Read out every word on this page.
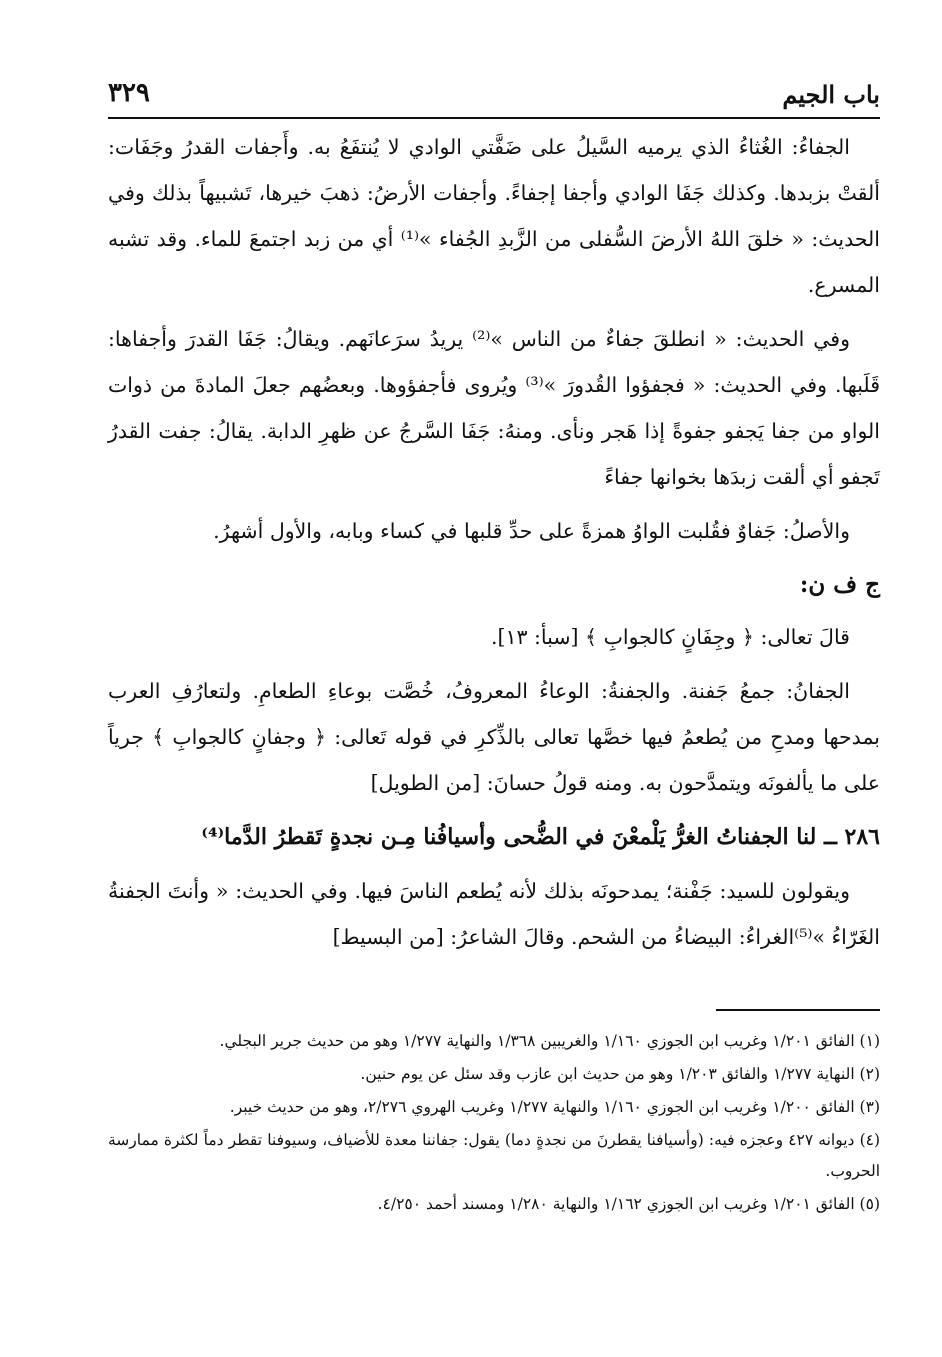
باب الجيم
٣٢٩

الجفاءُ: الغُثاءُ الذي يرميه السَّيلُ على ضَفَّتي الوادي لا يُنتفَعُ به. وأَجفات القدرُ وجَفَات: ألقتْ بزبدها. وكذلك جَفَا الوادي وأجفا إجفاءً. وأجفات الأرضُ: ذهبَ خيرها، تَشبيهاً بذلك وفي الحديث: « خلقَ اللهُ الأرضَ السُّفلى من الزَّبدِ الجُفاء »⁽¹⁾ أي من زبد اجتمعَ للماء. وقد تشبه المسرع.

وفي الحديث: « انطلقَ جفاءٌ من الناس »⁽²⁾ يريدُ سرَعانَهم. ويقالُ: جَفَا القدرَ وأجفاها: قَلَبها. وفي الحديث: « فجفؤوا القُدورَ »⁽³⁾ ويُروى فأجفؤوها. وبعضُهم جعلَ المادةَ من ذوات الواو من جفا يَجفو جفوةً إذا هَجر ونأى. ومنهُ: جَفَا السَّرجُ عن ظهرِ الدابة. يقالُ: جفت القدرُ تَجفو أي ألقت زبدَها بخوانها جفاءً

والأصلُ: جَفاوٌ فقُلبت الواوُ همزةً على حدِّ قلبها في كساء وبابه، والأول أشهرُ.

ج ف ن:

قالَ تعالى: ﴿ وجِفَانٍ كالجوابِ ﴾ [سبأ: ١٣].

الجفانُ: جمعُ جَفنة. والجفنةُ: الوعاءُ المعروفُ، خُصَّت بوعاءِ الطعامِ. ولتعارُفِ العرب بمدحها ومدحِ من يُطعمُ فيها خصَّها تعالى بالذِّكرِ في قوله تَعالى: ﴿ وجفانٍ كالجوابِ ﴾ جرياً على ما يألفونَه ويتمدَّحون به. ومنه قولُ حسانَ: [من الطويل]

٢٨٦ ــ لنا الجفناتُ الغرُّ يَلْمعْنَ في الضُّحى وأسيافُنا مِـن نجدةٍ تَقطرُ الدَّما⁽⁴⁾

ويقولون للسيد: جَفْنة؛ يمدحونَه بذلك لأنه يُطعم الناسَ فيها. وفي الحديث: « وأنتَ الجفنةُ الغَرّاءُ »⁽⁵⁾الغراءُ: البيضاءُ من الشحم. وقالَ الشاعرُ: [من البسيط]

(١) الفائق ١/٢٠١ وغريب ابن الجوزي ١/١٦٠ والغريبين ١/٣٦٨ والنهاية ١/٢٧٧ وهو من حديث جرير البجلي.

(٢) النهاية ١/٢٧٧ والفائق ١/٢٠٣ وهو من حديث ابن عازب وقد سئل عن يوم حنين.

(٣) الفائق ١/٢٠٠ وغريب ابن الجوزي ١/١٦٠ والنهاية ١/٢٧٧ وغريب الهروي ٢/٢٧٦، وهو من حديث خيبر.

(٤) ديوانه ٤٢٧ وعجزه فيه: (وأسيافنا يقطرنَ من نجدةٍ دما) يقول: جفاننا معدة للأضياف، وسيوفنا تقطر دماً لكثرة ممارسة الحروب.

(٥) الفائق ١/٢٠١ وغريب ابن الجوزي ١/١٦٢ والنهاية ١/٢٨٠ ومسند أحمد ٤/٢٥٠.
